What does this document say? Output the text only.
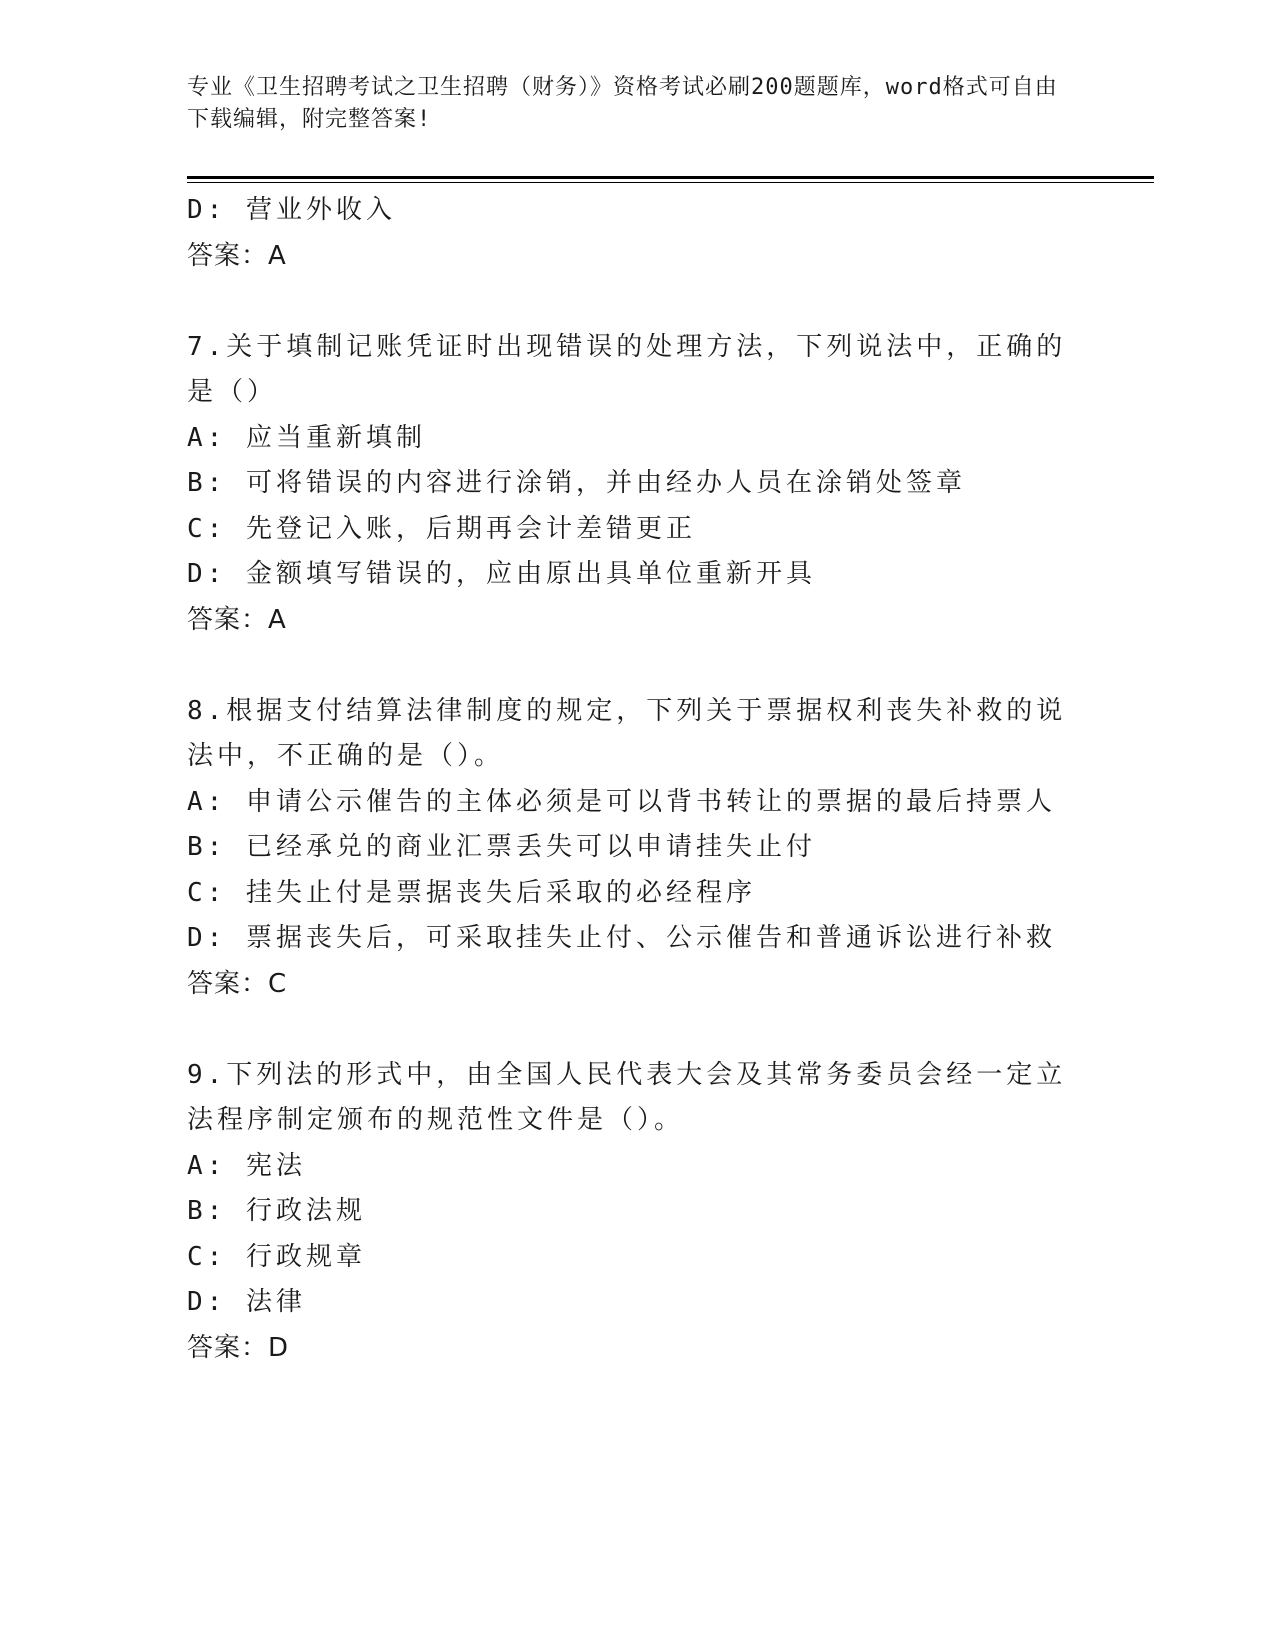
专业《卫生招聘考试之卫生招聘（财务）》资格考试必刷200题题库，word格式可自由下载编辑，附完整答案!
D: 营业外收入
答案：A
7.关于填制记账凭证时出现错误的处理方法，下列说法中，正确的是（）
A: 应当重新填制
B: 可将错误的内容进行涂销，并由经办人员在涂销处签章
C: 先登记入账，后期再会计差错更正
D: 金额填写错误的，应由原出具单位重新开具
答案：A
8.根据支付结算法律制度的规定，下列关于票据权利丧失补救的说法中，不正确的是（）。
A: 申请公示催告的主体必须是可以背书转让的票据的最后持票人
B: 已经承兑的商业汇票丢失可以申请挂失止付
C: 挂失止付是票据丧失后采取的必经程序
D: 票据丧失后，可采取挂失止付、公示催告和普通诉讼进行补救
答案：C
9.下列法的形式中，由全国人民代表大会及其常务委员会经一定立法程序制定颁布的规范性文件是（）。
A: 宪法
B: 行政法规
C: 行政规章
D: 法律
答案：D
